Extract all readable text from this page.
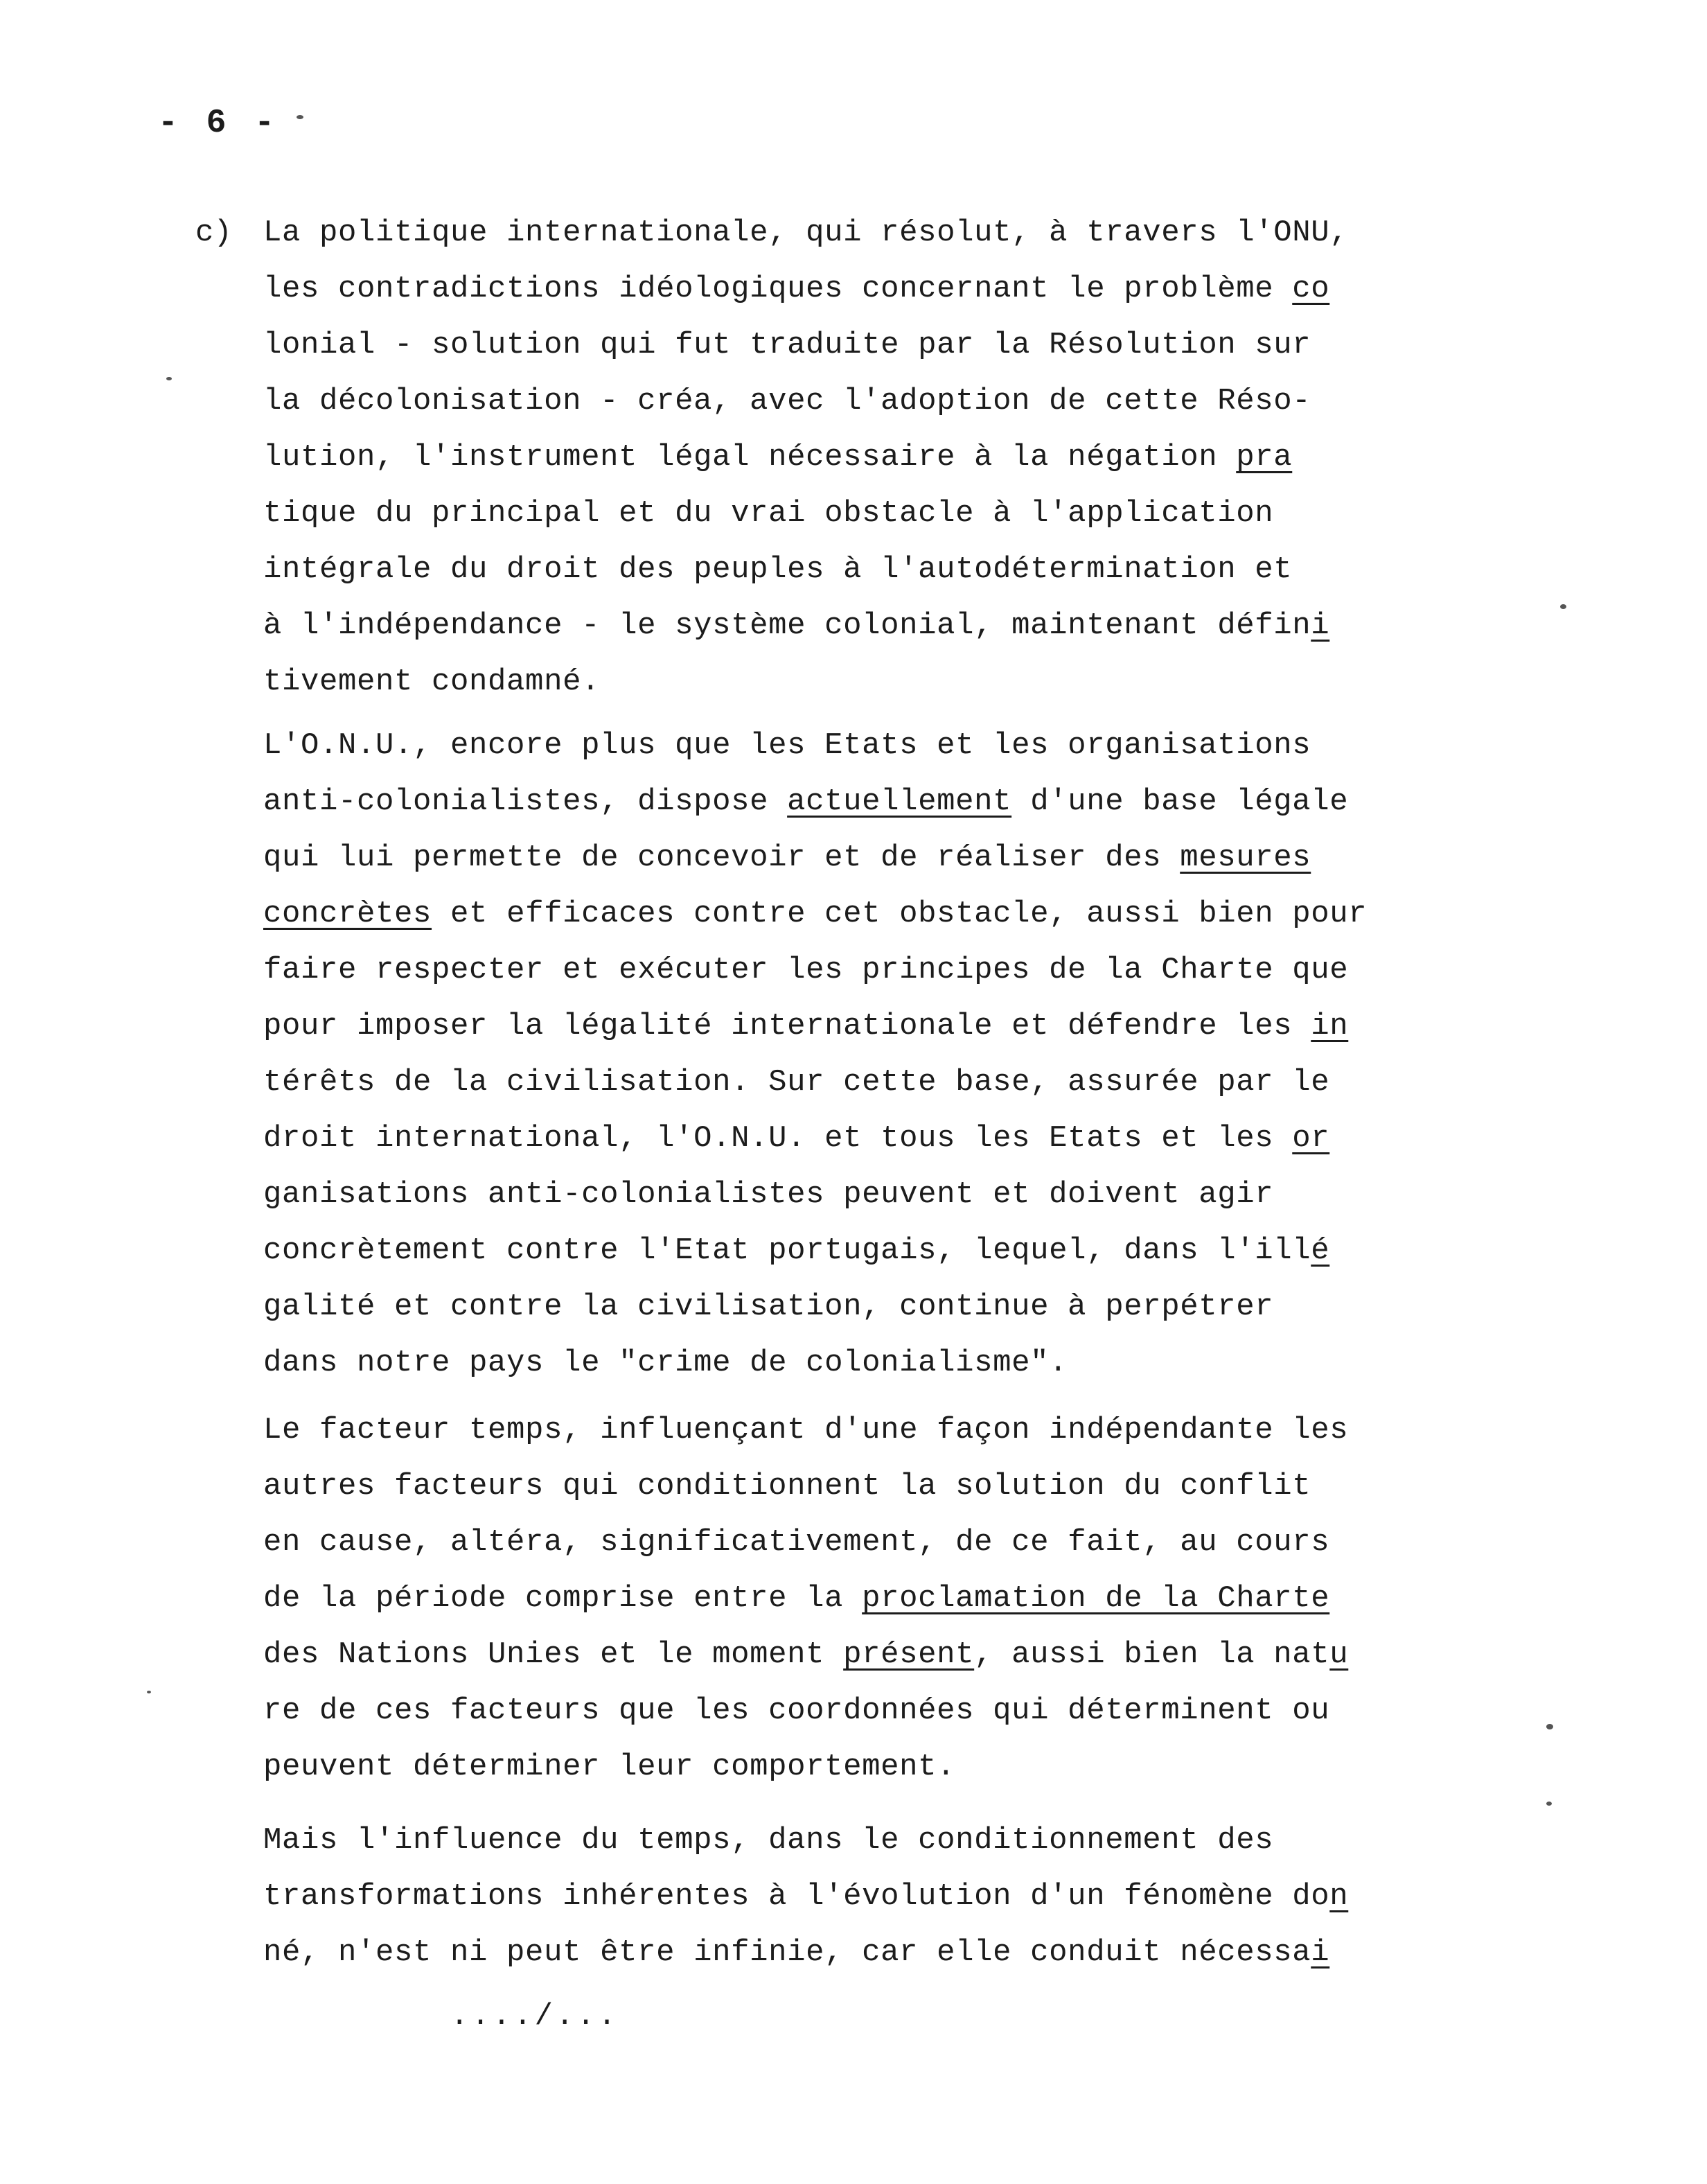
- 6 -
c) La politique internationale, qui résolut, à travers l'ONU,
les contradictions idéologiques concernant le problème co
lonial - solution qui fut traduite par la Résolution sur
la décolonisation - créa, avec l'adoption de cette Réso-
lution, l'instrument légal nécessaire à la négation pra
tique du principal et du vrai obstacle à l'application
intégrale du droit des peuples à l'autodétermination et
à l'indépendance - le système colonial, maintenant défini
tivement condamné.
L'O.N.U., encore plus que les Etats et les organisations
anti-colonialistes, dispose actuellement d'une base légale
qui lui permette de concevoir et de réaliser des mesures
concrètes et efficaces contre cet obstacle, aussi bien pour
faire respecter et exécuter les principes de la Charte que
pour imposer la légalité internationale et défendre les in
térêts de la civilisation. Sur cette base, assurée par le
droit international, l'O.N.U. et tous les Etats et les or
ganisations anti-colonialistes peuvent et doivent agir
concrètement contre l'Etat portugais, lequel, dans l'illé
galité et contre la civilisation, continue à perpétrer
dans notre pays le "crime de colonialisme".
Le facteur temps, influençant d'une façon indépendante les
autres facteurs qui conditionnent la solution du conflit
en cause, altéra, significativement, de ce fait, au cours
de la période comprise entre la proclamation de la Charte
des Nations Unies et le moment présent, aussi bien la natu
re de ces facteurs que les coordonnées qui déterminent ou
peuvent déterminer leur comportement.
Mais l'influence du temps, dans le conditionnement des
transformations inhérentes à l'évolution d'un fénomène don
né, n'est ni peut être infinie, car elle conduit nécessai
..../...
